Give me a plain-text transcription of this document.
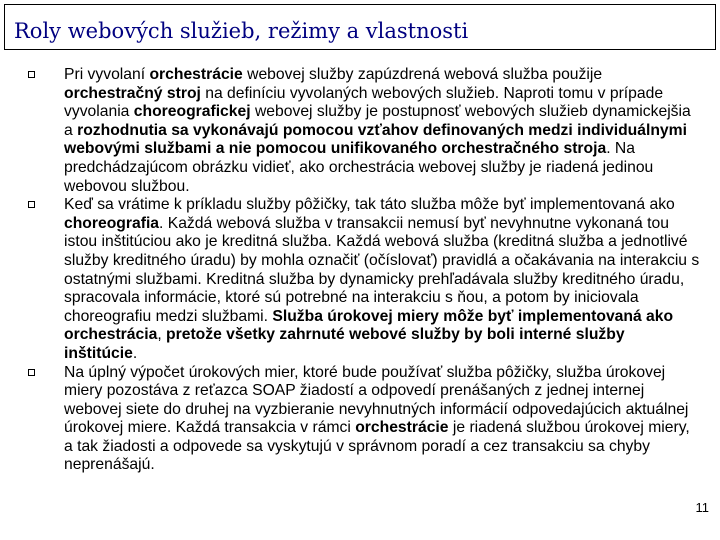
Roly webových služieb, režimy a vlastnosti
Pri vyvolaní orchestrácie webovej služby zapúzdrená webová služba použije orchestračný stroj na definíciu vyvolaných webových služieb. Naproti tomu v prípade vyvolania choreografickej webovej služby je postupnosť webových služieb dynamickejšia a rozhodnutia sa vykonávajú pomocou vzťahov definovaných medzi individuálnymi webovými službami a nie pomocou unifikovaného orchestračného stroja. Na predchádzajúcom obrázku vidieť, ako orchestrácia webovej služby je riadená jedinou webovou službou.
Keď sa vrátime k príkladu služby pôžičky, tak táto služba môže byť implementovaná ako choreografia. Každá webová služba v transakcii nemusí byť nevyhnutne vykonaná tou istou inštitúciou ako je kreditná služba. Každá webová služba (kreditná služba a jednotlivé služby kreditného úradu) by mohla označiť (očíslovať) pravidlá a očakávania na interakciu s ostatnými službami. Kreditná služba by dynamicky prehľadávala služby kreditného úradu, spracovala informácie, ktoré sú potrebné na interakciu s ňou, a potom by iniciovala choreografiu medzi službami. Služba úrokovej miery môže byť implementovaná ako orchestrácia, pretože všetky zahrnuté webové služby by boli interné služby inštitúcie.
Na úplný výpočet úrokových mier, ktoré bude používať služba pôžičky, služba úrokovej miery pozostáva z reťazca SOAP žiadostí a odpovedí prenášaných z jednej internej webovej siete do druhej na vyzbieranie nevyhnutných informácií odpovedajúcich aktuálnej úrokovej miere. Každá transakcia v rámci orchestrácie je riadená službou úrokovej miery, a tak žiadosti a odpovede sa vyskytujú v správnom poradí a cez transakciu sa chyby neprenášajú.
11
